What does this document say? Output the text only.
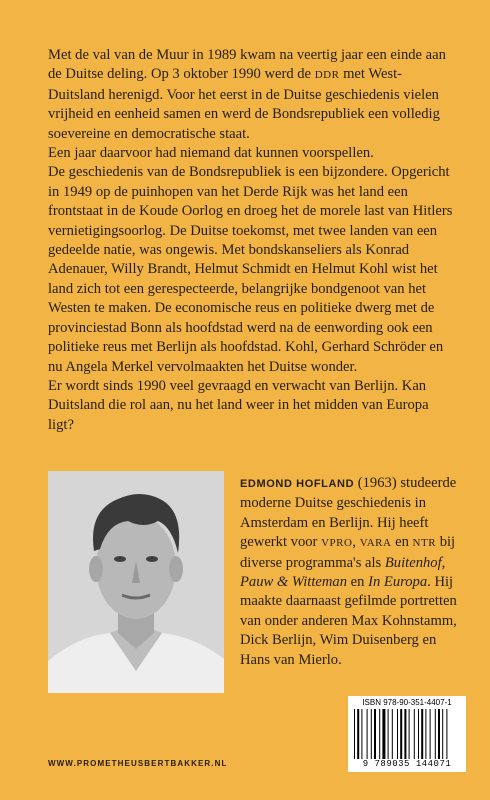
Met de val van de Muur in 1989 kwam na veertig jaar een einde aan de Duitse deling. Op 3 oktober 1990 werd de DDR met West-Duitsland herenigd. Voor het eerst in de Duitse geschiedenis vielen vrijheid en eenheid samen en werd de Bondsrepubliek een volledig soevereine en democratische staat.

Een jaar daarvoor had niemand dat kunnen voorspellen.

De geschiedenis van de Bondsrepubliek is een bijzondere. Opgericht in 1949 op de puinhopen van het Derde Rijk was het land een frontstaat in de Koude Oorlog en droeg het de morele last van Hitlers vernietigingsoorlog. De Duitse toekomst, met twee landen van een gedeelde natie, was ongewis. Met bondskanseliers als Konrad Adenauer, Willy Brandt, Helmut Schmidt en Helmut Kohl wist het land zich tot een gerespecteerde, belangrijke bondgenoot van het Westen te maken. De economische reus en politieke dwerg met de provinciestad Bonn als hoofdstad werd na de eenwording ook een politieke reus met Berlijn als hoofdstad. Kohl, Gerhard Schröder en nu Angela Merkel vervolmaakten het Duitse wonder.

Er wordt sinds 1990 veel gevraagd en verwacht van Berlijn. Kan Duitsland die rol aan, nu het land weer in het midden van Europa ligt?

EDMOND HOFLAND (1963) studeerde moderne Duitse geschiedenis in Amsterdam en Berlijn. Hij heeft gewerkt voor VPRO, VARA en NTR bij diverse programma's als Buitenhof, Pauw & Witteman en In Europa. Hij maakte daarnaast gefilmde portretten van onder anderen Max Kohnstamm, Dick Berlijn, Wim Duisenberg en Hans van Mierlo.

ISBN 978-90-351-4407-1
9 789035 144071
WWW.PROMETHEUSBERTBAKKER.NL
